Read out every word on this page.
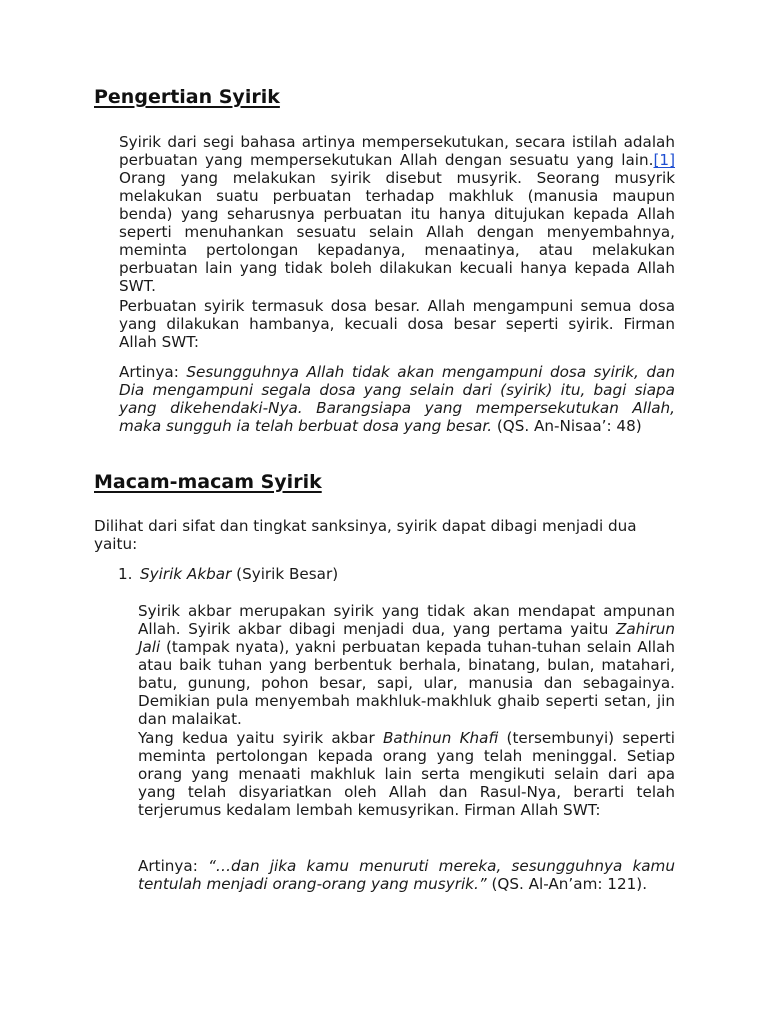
Pengertian Syirik

Syirik dari segi bahasa artinya mempersekutukan, secara istilah adalah perbuatan yang mempersekutukan Allah dengan sesuatu yang lain.[1] Orang yang melakukan syirik disebut musyrik. Seorang musyrik melakukan suatu perbuatan terhadap makhluk (manusia maupun benda) yang seharusnya perbuatan itu hanya ditujukan kepada Allah seperti menuhankan sesuatu selain Allah dengan menyembahnya, meminta pertolongan kepadanya, menaatinya, atau melakukan perbuatan lain yang tidak boleh dilakukan kecuali hanya kepada Allah SWT.

Perbuatan syirik termasuk dosa besar. Allah mengampuni semua dosa yang dilakukan hambanya, kecuali dosa besar seperti syirik. Firman Allah SWT:

Artinya: Sesungguhnya Allah tidak akan mengampuni dosa syirik, dan Dia mengampuni segala dosa yang selain dari (syirik) itu, bagi siapa yang dikehendaki-Nya. Barangsiapa yang mempersekutukan Allah, maka sungguh ia telah berbuat dosa yang besar. (QS. An-Nisaa’: 48)

Macam-macam Syirik

Dilihat dari sifat dan tingkat sanksinya, syirik dapat dibagi menjadi dua yaitu:

1. Syirik Akbar (Syirik Besar)

Syirik akbar merupakan syirik yang tidak akan mendapat ampunan Allah. Syirik akbar dibagi menjadi dua, yang pertama yaitu Zahirun Jali (tampak nyata), yakni perbuatan kepada tuhan-tuhan selain Allah atau baik tuhan yang berbentuk berhala, binatang, bulan, matahari, batu, gunung, pohon besar, sapi, ular, manusia dan sebagainya. Demikian pula menyembah makhluk-makhluk ghaib seperti setan, jin dan malaikat.

Yang kedua yaitu syirik akbar Bathinun Khafi (tersembunyi) seperti meminta pertolongan kepada orang yang telah meninggal. Setiap orang yang menaati makhluk lain serta mengikuti selain dari apa yang telah disyariatkan oleh Allah dan Rasul-Nya, berarti telah terjerumus kedalam lembah kemusyrikan. Firman Allah SWT:

Artinya: “…dan jika kamu menuruti mereka, sesungguhnya kamu tentulah menjadi orang-orang yang musyrik.” (QS. Al-An’am: 121).
